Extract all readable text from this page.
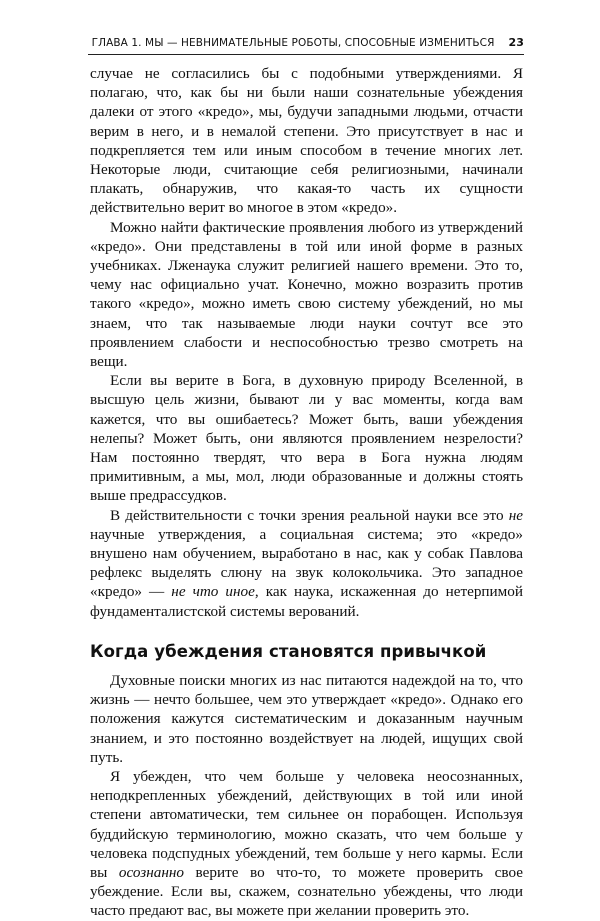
ГЛАВА 1. МЫ — НЕВНИМАТЕЛЬНЫЕ РОБОТЫ, СПОСОБНЫЕ ИЗМЕНИТЬСЯ 23

случае не согласились бы с подобными утверждениями. Я полагаю, что, как бы ни были наши сознательные убеждения далеки от этого «кредо», мы, будучи западными людьми, отчасти верим в него, и в немалой степени. Это присутствует в нас и подкрепляется тем или иным способом в течение многих лет. Некоторые люди, считающие себя религиозными, начинали плакать, обнаружив, что какая-то часть их сущности действительно верит во многое в этом «кредо».

Можно найти фактические проявления любого из утверждений «кредо». Они представлены в той или иной форме в разных учебниках. Лженаука служит религией нашего времени. Это то, чему нас официально учат. Конечно, можно возразить против такого «кредо», можно иметь свою систему убеждений, но мы знаем, что так называемые люди науки сочтут все это проявлением слабости и неспособностью трезво смотреть на вещи.

Если вы верите в Бога, в духовную природу Вселенной, в высшую цель жизни, бывают ли у вас моменты, когда вам кажется, что вы ошибаетесь? Может быть, ваши убеждения нелепы? Может быть, они являются проявлением незрелости? Нам постоянно твердят, что вера в Бога нужна людям примитивным, а мы, мол, люди образованные и должны стоять выше предрассудков.

В действительности с точки зрения реальной науки все это не научные утверждения, а социальная система; это «кредо» внушено нам обучением, выработано в нас, как у собак Павлова рефлекс выделять слюну на звук колокольчика. Это западное «кредо» — не что иное, как наука, искаженная до нетерпимой фундаменталистской системы верований.

Когда убеждения становятся привычкой

Духовные поиски многих из нас питаются надеждой на то, что жизнь — нечто большее, чем это утверждает «кредо». Однако его положения кажутся систематическим и доказанным научным знанием, и это постоянно воздействует на людей, ищущих свой путь.

Я убежден, что чем больше у человека неосознанных, неподкрепленных убеждений, действующих в той или иной степени автоматически, тем сильнее он порабощен. Используя буддийскую терминологию, можно сказать, что чем больше у человека подспудных убеждений, тем больше у него кармы. Если вы осознанно верите во что-то, то можете проверить свое убеждение. Если вы, скажем, сознательно убеждены, что люди часто предают вас, вы можете при желании проверить это.
